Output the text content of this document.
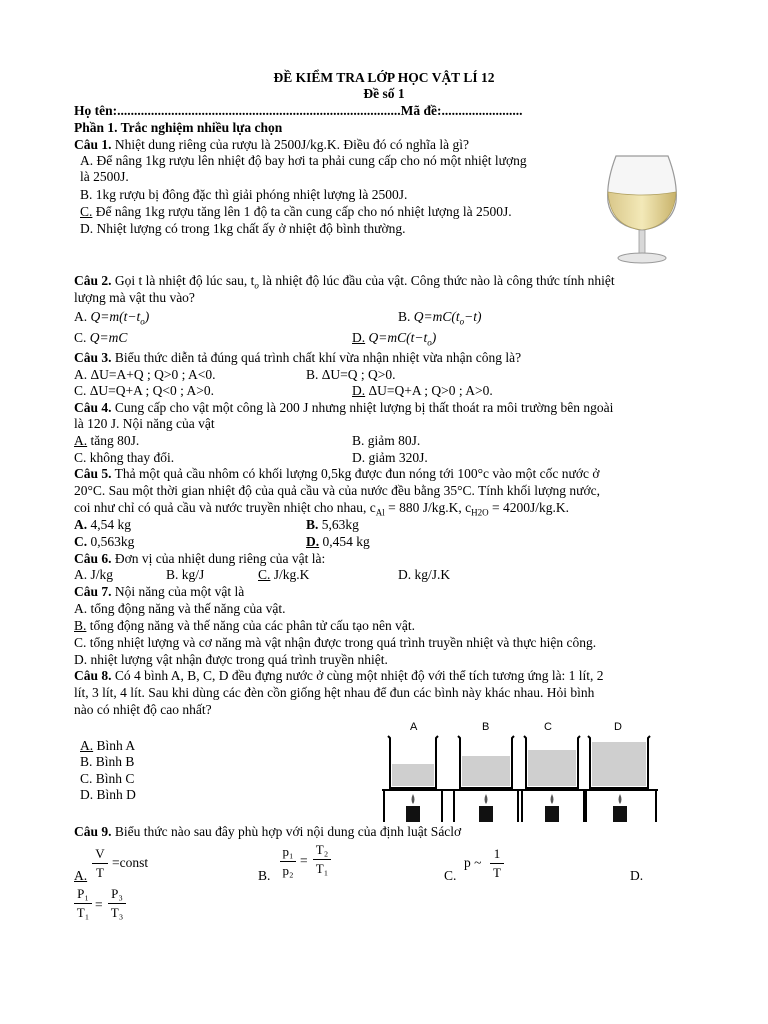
ĐỀ KIỂM TRA LỚP HỌC VẬT LÍ 12
Đề số 1
Họ tên:....................................................................................Mã đề:........................
Phần 1. Trắc nghiệm nhiều lựa chọn
Câu 1. Nhiệt dung riêng của rượu là 2500J/kg.K. Điều đó có nghĩa là gì?
A. Để nâng 1kg rượu lên nhiệt độ bay hơi ta phải cung cấp cho nó một nhiệt lượng
là 2500J.
B. 1kg rượu bị đông đặc thì giải phóng nhiệt lượng là 2500J.
C. Để nâng 1kg rượu tăng lên 1 độ ta cần cung cấp cho nó nhiệt lượng là 2500J.
D. Nhiệt lượng có trong 1kg chất ấy ở nhiệt độ bình thường.
Câu 2. Gọi t là nhiệt độ lúc sau, $t_o$ là nhiệt độ lúc đầu của vật. Công thức nào là công thức tính nhiệt
lượng mà vật thu vào?
A. $Q=m(t-t_o)$	B. $Q=mC(t_o-t)$
C. Q=mC	D. $Q=mC(t-t_o)$
Câu 3. Biểu thức diễn tả đúng quá trình chất khí vừa nhận nhiệt vừa nhận công là?
A. ΔU=A+Q ; Q>0 ; A<0.	B. ΔU=Q ; Q>0.
C. ΔU=Q+A ; Q<0 ; A>0.	D. ΔU=Q+A ; Q>0 ; A>0.
Câu 4. Cung cấp cho vật một công là 200 J nhưng nhiệt lượng bị thất thoát ra môi trường bên ngoài
là 120 J. Nội năng của vật
A. tăng 80J.	B. giảm 80J.
C. không thay đổi.	D. giảm 320J.
Câu 5. Thả một quả cầu nhôm có khối lượng 0,5kg được đun nóng tới 100°c vào một cốc nước ở
20°C. Sau một thời gian nhiệt độ của quả cầu và của nước đều bằng 35°C. Tính khối lượng nước,
coi như chỉ có quả cầu và nước truyền nhiệt cho nhau, $c_{Al} = 880$ J/kg.K, $c_{H2O} = 4200J/kg.K$.
A. 4,54 kg	B. 5,63kg
C. 0,563kg	D. 0,454 kg
Câu 6. Đơn vị của nhiệt dung riêng của vật là:
A. J/kg	B. kg/J	C. J/kg.K	D. kg/J.K
Câu 7. Nội năng của một vật là
A. tổng động năng và thế năng của vật.
B. tổng động năng và thế năng của các phân tử cấu tạo nên vật.
C. tổng nhiệt lượng và cơ năng mà vật nhận được trong quá trình truyền nhiệt và thực hiện công.
D. nhiệt lượng vật nhận được trong quá trình truyền nhiệt.
Câu 8. Có 4 bình A, B, C, D đều đựng nước ở cùng một nhiệt độ với thể tích tương ứng là: 1 lít, 2
lít, 3 lít, 4 lít. Sau khi dùng các đèn cồn giống hệt nhau để đun các bình này khác nhau. Hỏi bình
nào có nhiệt độ cao nhất?
A. Bình A
B. Bình B
C. Bình C
D. Bình D
A	B	C	D
Câu 9. Biểu thức nào sau đây phù hợp với nội dung của định luật Sáclơ
A.
V
T
=const
B.
p₁
p₂
=
T₂
T₁	C.
p ~
1
T	D.
P₁
T₁
=
P₃
T₃
